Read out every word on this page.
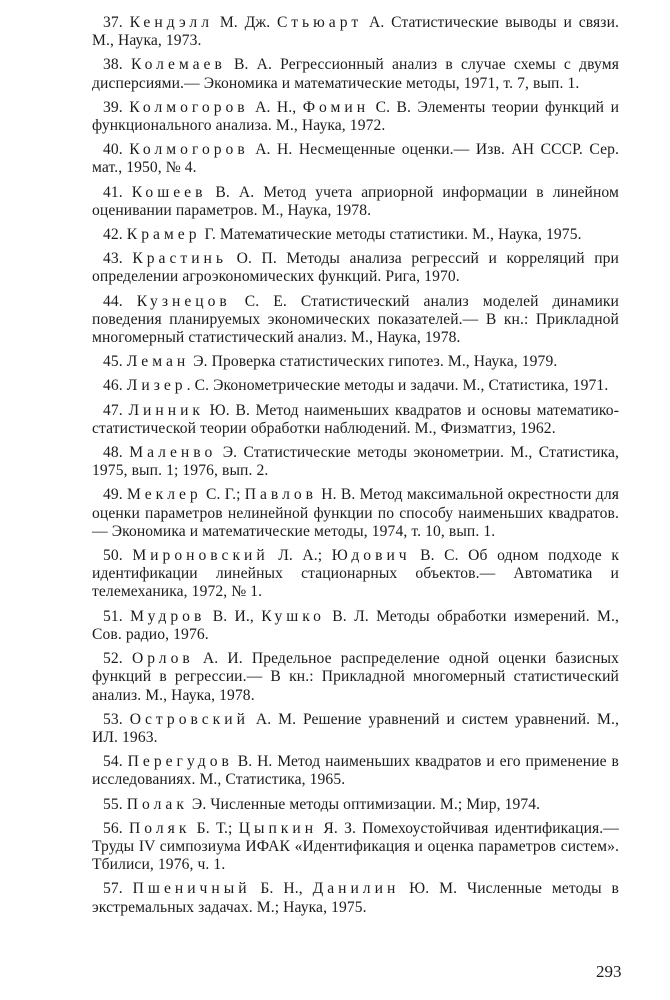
37. Кендэлл М. Дж. Стьюарт А. Статистические выводы и связи. М., Наука, 1973.

38. Колемаев В. А. Регрессионный анализ в случае схемы с двумя дисперсиями.— Экономика и математические методы, 1971, т. 7, вып. 1.

39. Колмогоров А. Н., Фомин С. В. Элементы теории функций и функционального анализа. М., Наука, 1972.

40. Колмогоров А. Н. Несмещенные оценки.— Изв. АН СССР. Сер. мат., 1950, № 4.

41. Кошеев В. А. Метод учета априорной информации в линейном оценивании параметров. М., Наука, 1978.

42. Крамер Г. Математические методы статистики. М., Наука, 1975.

43. Крастинь О. П. Методы анализа регрессий и корреляций при определении агроэкономических функций. Рига, 1970.

44. Кузнецов С. Е. Статистический анализ моделей динамики поведения планируемых экономических показателей.— В кн.: Прикладной многомерный статистический анализ. М., Наука, 1978.

45. Леман Э. Проверка статистических гипотез. М., Наука, 1979.

46. Лизер. С. Эконометрические методы и задачи. М., Статистика, 1971.

47. Линник Ю. В. Метод наименьших квадратов и основы математико-статистической теории обработки наблюдений. М., Физматгиз, 1962.

48. Маленво Э. Статистические методы эконометрии. М., Статистика, 1975, вып. 1; 1976, вып. 2.

49. Меклер С. Г.; Павлов Н. В. Метод максимальной окрестности для оценки параметров нелинейной функции по способу наименьших квадратов.— Экономика и математические методы, 1974, т. 10, вып. 1.

50. Мироновский Л. А.; Юдович В. С. Об одном подходе к идентификации линейных стационарных объектов.— Автоматика и телемеханика, 1972, № 1.

51. Мудров В. И., Кушко В. Л. Методы обработки измерений. М., Сов. радио, 1976.

52. Орлов А. И. Предельное распределение одной оценки базисных функций в регрессии.— В кн.: Прикладной многомерный статистический анализ. М., Наука, 1978.

53. Островский А. М. Решение уравнений и систем уравнений. М., ИЛ. 1963.

54. Перегудов В. Н. Метод наименьших квадратов и его применение в исследованиях. М., Статистика, 1965.

55. Полак Э. Численные методы оптимизации. М.; Мир, 1974.

56. Поляк Б. Т.; Цыпкин Я. З. Помехоустойчивая идентификация.— Труды IV симпозиума ИФАК «Идентификация и оценка параметров систем». Тбилиси, 1976, ч. 1.

57. Пшеничный Б. Н., Данилин Ю. М. Численные методы в экстремальных задачах. М.; Наука, 1975.

293
